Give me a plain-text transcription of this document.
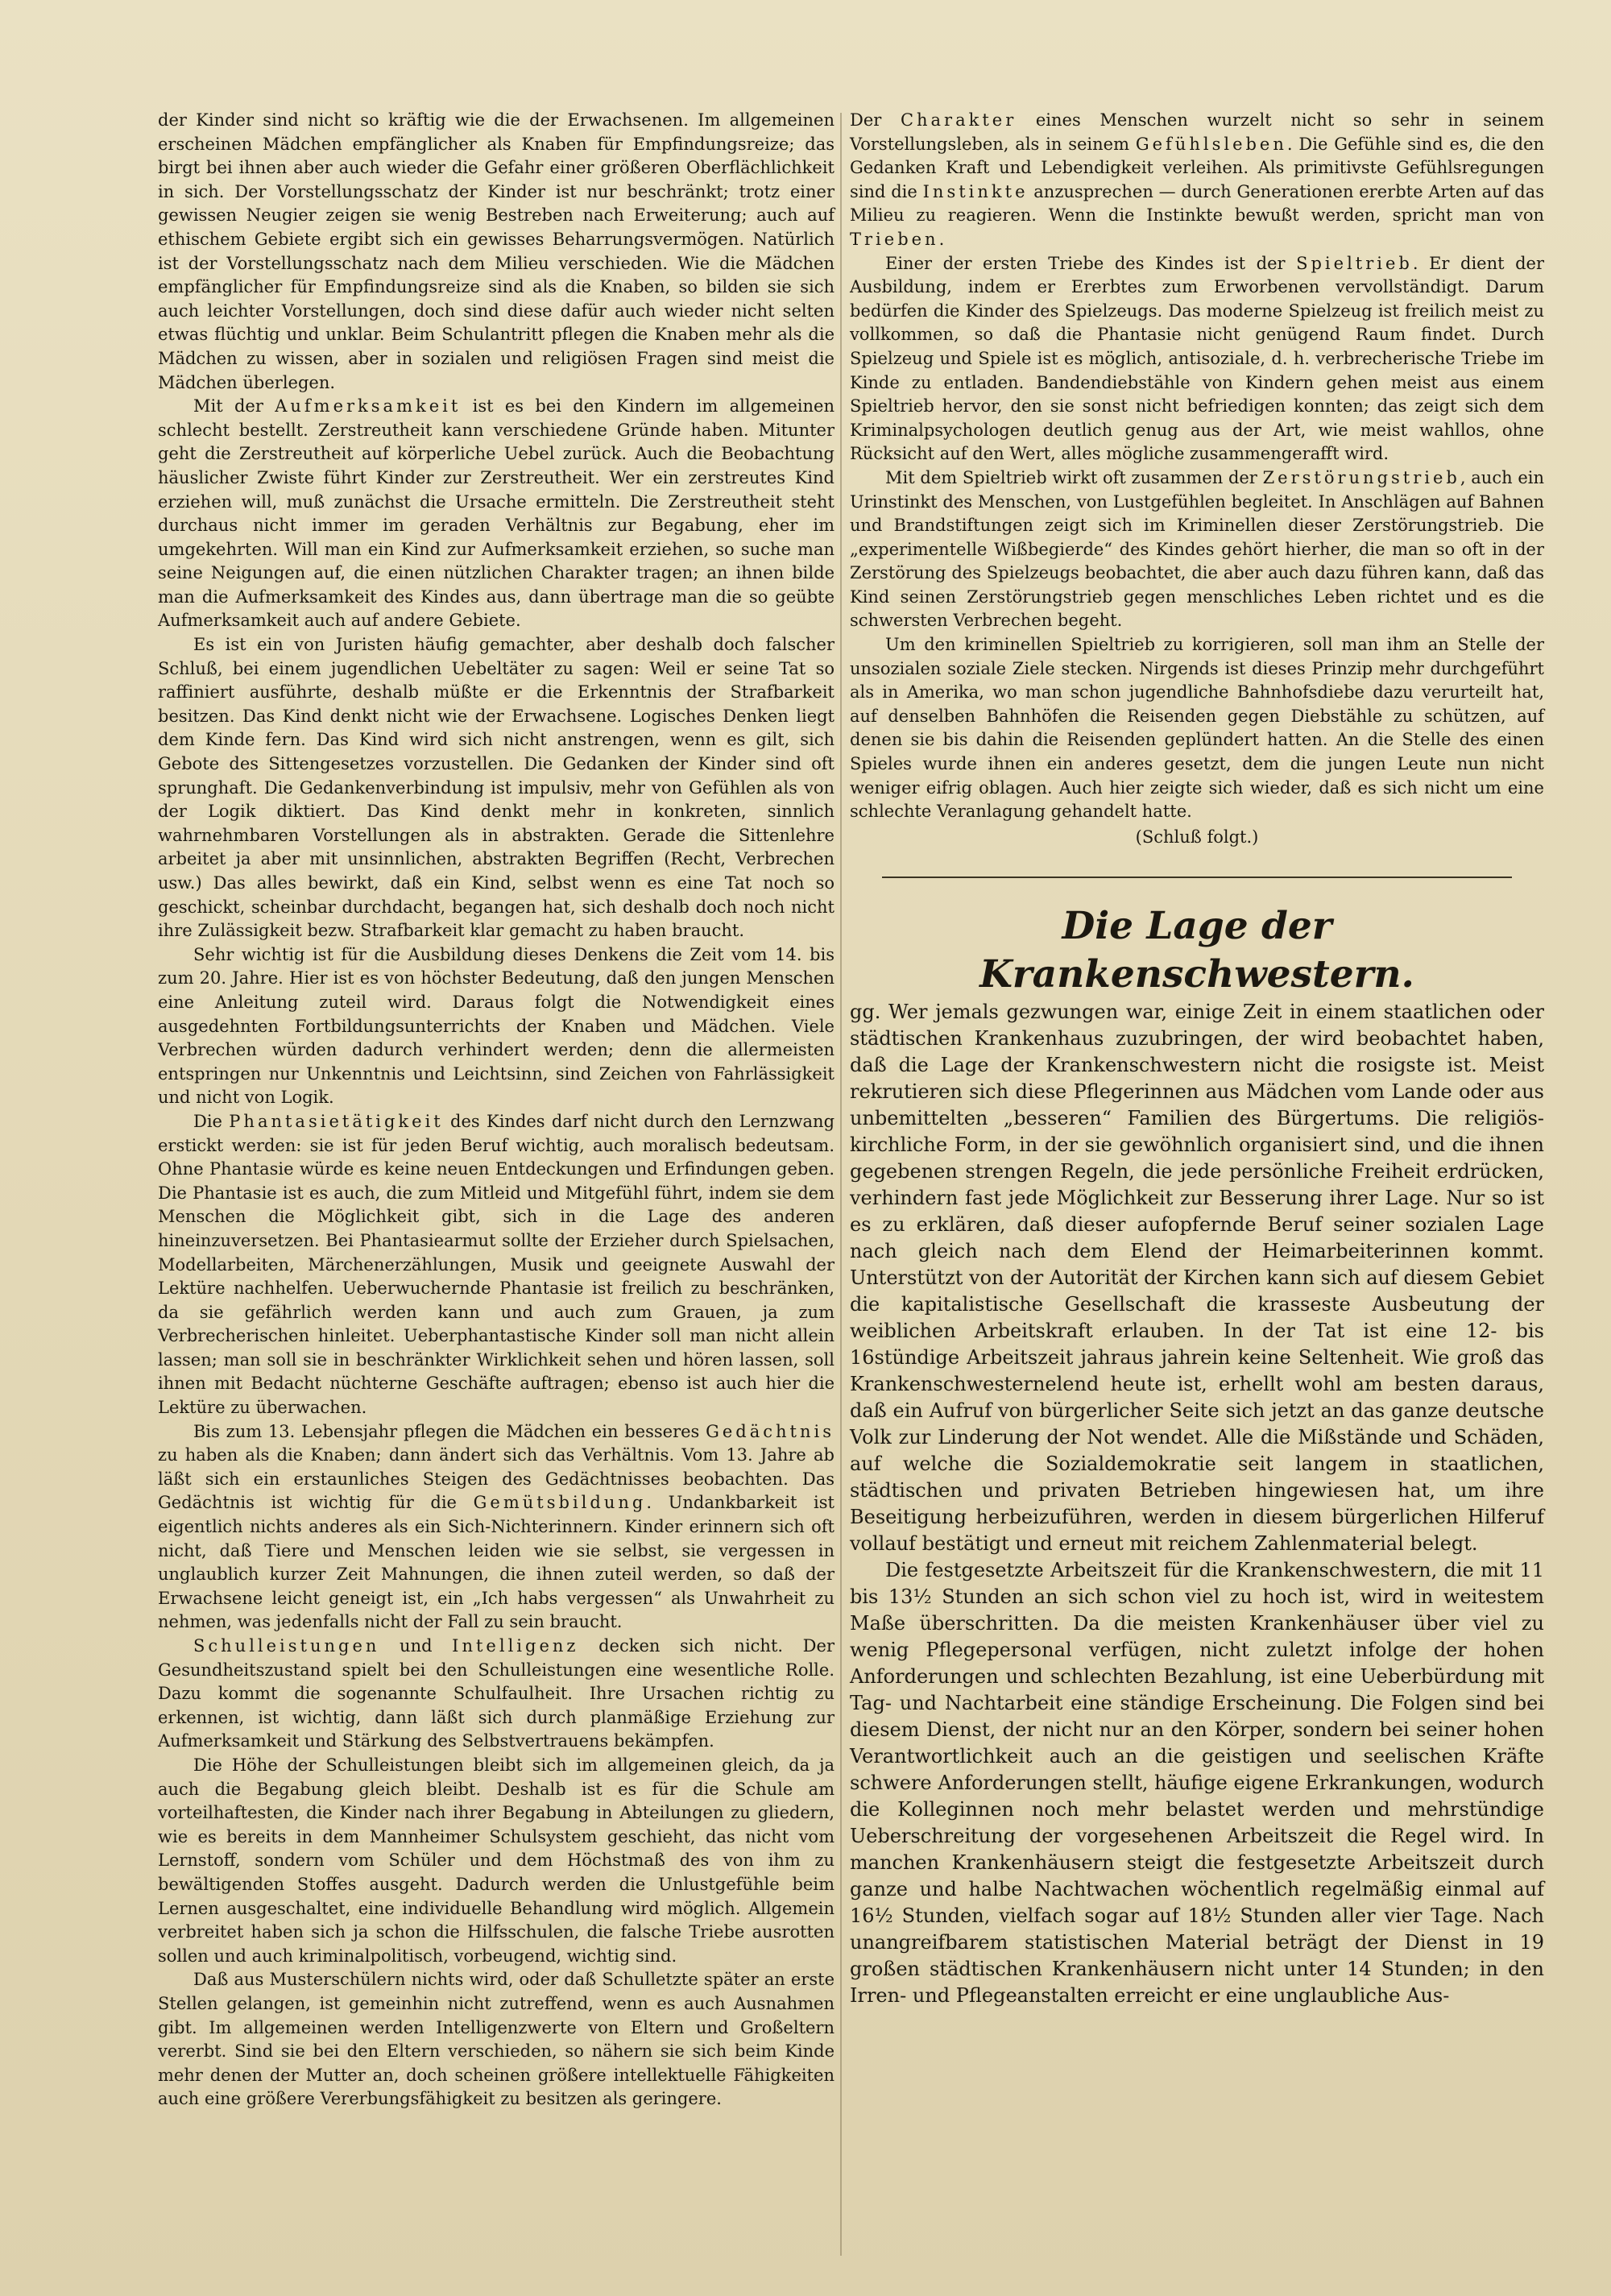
der Kinder sind nicht so kräftig wie die der Erwachsenen. Im allgemeinen erscheinen Mädchen empfänglicher als Knaben für Empfindungsreize; das birgt bei ihnen aber auch wieder die Gefahr einer größeren Oberflächlichkeit in sich. Der Vorstellungsschatz der Kinder ist nur beschränkt; trotz einer gewissen Neugier zeigen sie wenig Bestreben nach Erweiterung; auch auf ethischem Gebiete ergibt sich ein gewisses Beharrungsvermögen. Natürlich ist der Vorstellungsschatz nach dem Milieu verschieden. Wie die Mädchen empfänglicher für Empfindungsreize sind als die Knaben, so bilden sie sich auch leichter Vorstellungen, doch sind diese dafür auch wieder nicht selten etwas flüchtig und unklar. Beim Schulantritt pflegen die Knaben mehr als die Mädchen zu wissen, aber in sozialen und religiösen Fragen sind meist die Mädchen überlegen.

Mit der Aufmerksamkeit ist es bei den Kindern im allgemeinen schlecht bestellt. Zerstreutheit kann verschiedene Gründe haben. Mitunter geht die Zerstreutheit auf körperliche Uebel zurück. Auch die Beobachtung häuslicher Zwiste führt Kinder zur Zerstreutheit. Wer ein zerstreutes Kind erziehen will, muß zunächst die Ursache ermitteln. Die Zerstreutheit steht durchaus nicht immer im geraden Verhältnis zur Begabung, eher im umgekehrten. Will man ein Kind zur Aufmerksamkeit erziehen, so suche man seine Neigungen auf, die einen nützlichen Charakter tragen; an ihnen bilde man die Aufmerksamkeit des Kindes aus, dann übertrage man die so geübte Aufmerksamkeit auch auf andere Gebiete.

Es ist ein von Juristen häufig gemachter, aber deshalb doch falscher Schluß, bei einem jugendlichen Uebeltäter zu sagen: Weil er seine Tat so raffiniert ausführte, deshalb müßte er die Erkenntnis der Strafbarkeit besitzen. Das Kind denkt nicht wie der Erwachsene. Logisches Denken liegt dem Kinde fern. Das Kind wird sich nicht anstrengen, wenn es gilt, sich Gebote des Sittengesetzes vorzustellen. Die Gedanken der Kinder sind oft sprunghaft. Die Gedankenverbindung ist impulsiv, mehr von Gefühlen als von der Logik diktiert. Das Kind denkt mehr in konkreten, sinnlich wahrnehmbaren Vorstellungen als in abstrakten. Gerade die Sittenlehre arbeitet ja aber mit unsinnlichen, abstrakten Begriffen (Recht, Verbrechen usw.) Das alles bewirkt, daß ein Kind, selbst wenn es eine Tat noch so geschickt, scheinbar durchdacht, begangen hat, sich deshalb doch noch nicht ihre Zulässigkeit bezw. Strafbarkeit klar gemacht zu haben braucht.

Sehr wichtig ist für die Ausbildung dieses Denkens die Zeit vom 14. bis zum 20. Jahre. Hier ist es von höchster Bedeutung, daß den jungen Menschen eine Anleitung zuteil wird. Daraus folgt die Notwendigkeit eines ausgedehnten Fortbildungsunterrichts der Knaben und Mädchen. Viele Verbrechen würden dadurch verhindert werden; denn die allermeisten entspringen nur Unkenntnis und Leichtsinn, sind Zeichen von Fahrlässigkeit und nicht von Logik.

Die Phantasietätigkeit des Kindes darf nicht durch den Lernzwang erstickt werden: sie ist für jeden Beruf wichtig, auch moralisch bedeutsam. Ohne Phantasie würde es keine neuen Entdeckungen und Erfindungen geben. Die Phantasie ist es auch, die zum Mitleid und Mitgefühl führt, indem sie dem Menschen die Möglichkeit gibt, sich in die Lage des anderen hineinzuversetzen. Bei Phantasiearmut sollte der Erzieher durch Spielsachen, Modellarbeiten, Märchenerzählungen, Musik und geeignete Auswahl der Lektüre nachhelfen. Ueberwuchernde Phantasie ist freilich zu beschränken, da sie gefährlich werden kann und auch zum Grauen, ja zum Verbrecherischen hinleitet. Ueberphantastische Kinder soll man nicht allein lassen; man soll sie in beschränkter Wirklichkeit sehen und hören lassen, soll ihnen mit Bedacht nüchterne Geschäfte auftragen; ebenso ist auch hier die Lektüre zu überwachen.

Bis zum 13. Lebensjahr pflegen die Mädchen ein besseres Gedächtnis zu haben als die Knaben; dann ändert sich das Verhältnis. Vom 13. Jahre ab läßt sich ein erstaunliches Steigen des Gedächtnisses beobachten. Das Gedächtnis ist wichtig für die Gemütsbildung. Undankbarkeit ist eigentlich nichts anderes als ein Sich-Nichterinnern. Kinder erinnern sich oft nicht, daß Tiere und Menschen leiden wie sie selbst, sie vergessen in unglaublich kurzer Zeit Mahnungen, die ihnen zuteil werden, so daß der Erwachsene leicht geneigt ist, ein „Ich habs vergessen“ als Unwahrheit zu nehmen, was jedenfalls nicht der Fall zu sein braucht.

Schulleistungen und Intelligenz decken sich nicht. Der Gesundheitszustand spielt bei den Schulleistungen eine wesentliche Rolle. Dazu kommt die sogenannte Schulfaulheit. Ihre Ursachen richtig zu erkennen, ist wichtig, dann läßt sich durch planmäßige Erziehung zur Aufmerksamkeit und Stärkung des Selbstvertrauens bekämpfen.

Die Höhe der Schulleistungen bleibt sich im allgemeinen gleich, da ja auch die Begabung gleich bleibt. Deshalb ist es für die Schule am vorteilhaftesten, die Kinder nach ihrer Begabung in Abteilungen zu gliedern, wie es bereits in dem Mannheimer Schulsystem geschieht, das nicht vom Lernstoff, sondern vom Schüler und dem Höchstmaß des von ihm zu bewältigenden Stoffes ausgeht. Dadurch werden die Unlustgefühle beim Lernen ausgeschaltet, eine individuelle Behandlung wird möglich. Allgemein verbreitet haben sich ja schon die Hilfsschulen, die falsche Triebe ausrotten sollen und auch kriminalpolitisch, vorbeugend, wichtig sind.

Daß aus Musterschülern nichts wird, oder daß Schulletzte später an erste Stellen gelangen, ist gemeinhin nicht zutreffend, wenn es auch Ausnahmen gibt. Im allgemeinen werden Intelligenzwerte von Eltern und Großeltern vererbt. Sind sie bei den Eltern verschieden, so nähern sie sich beim Kinde mehr denen der Mutter an, doch scheinen größere intellektuelle Fähigkeiten auch eine größere Vererbungsfähigkeit zu besitzen als geringere.

Der Charakter eines Menschen wurzelt nicht so sehr in seinem Vorstellungsleben, als in seinem Gefühlsleben. Die Gefühle sind es, die den Gedanken Kraft und Lebendigkeit verleihen. Als primitivste Gefühlsregungen sind die Instinkte anzusprechen — durch Generationen ererbte Arten auf das Milieu zu reagieren. Wenn die Instinkte bewußt werden, spricht man von Trieben.

Einer der ersten Triebe des Kindes ist der Spieltrieb. Er dient der Ausbildung, indem er Ererbtes zum Erworbenen vervollständigt. Darum bedürfen die Kinder des Spielzeugs. Das moderne Spielzeug ist freilich meist zu vollkommen, so daß die Phantasie nicht genügend Raum findet. Durch Spielzeug und Spiele ist es möglich, antisoziale, d. h. verbrecherische Triebe im Kinde zu entladen. Bandendiebstähle von Kindern gehen meist aus einem Spieltrieb hervor, den sie sonst nicht befriedigen konnten; das zeigt sich dem Kriminalpsychologen deutlich genug aus der Art, wie meist wahllos, ohne Rücksicht auf den Wert, alles mögliche zusammengerafft wird.

Mit dem Spieltrieb wirkt oft zusammen der Zerstörungstrieb, auch ein Urinstinkt des Menschen, von Lustgefühlen begleitet. In Anschlägen auf Bahnen und Brandstiftungen zeigt sich im Kriminellen dieser Zerstörungstrieb. Die „experimentelle Wißbegierde“ des Kindes gehört hierher, die man so oft in der Zerstörung des Spielzeugs beobachtet, die aber auch dazu führen kann, daß das Kind seinen Zerstörungstrieb gegen menschliches Leben richtet und es die schwersten Verbrechen begeht.

Um den kriminellen Spieltrieb zu korrigieren, soll man ihm an Stelle der unsozialen soziale Ziele stecken. Nirgends ist dieses Prinzip mehr durchgeführt als in Amerika, wo man schon jugendliche Bahnhofsdiebe dazu verurteilt hat, auf denselben Bahnhöfen die Reisenden gegen Diebstähle zu schützen, auf denen sie bis dahin die Reisenden geplündert hatten. An die Stelle des einen Spieles wurde ihnen ein anderes gesetzt, dem die jungen Leute nun nicht weniger eifrig oblagen. Auch hier zeigte sich wieder, daß es sich nicht um eine schlechte Veranlagung gehandelt hatte.

(Schluß folgt.)

Die Lage der Krankenschwestern.

gg. Wer jemals gezwungen war, einige Zeit in einem staatlichen oder städtischen Krankenhaus zuzubringen, der wird beobachtet haben, daß die Lage der Krankenschwestern nicht die rosigste ist. Meist rekrutieren sich diese Pflegerinnen aus Mädchen vom Lande oder aus unbemittelten „besseren“ Familien des Bürgertums. Die religiös-kirchliche Form, in der sie gewöhnlich organisiert sind, und die ihnen gegebenen strengen Regeln, die jede persönliche Freiheit erdrücken, verhindern fast jede Möglichkeit zur Besserung ihrer Lage. Nur so ist es zu erklären, daß dieser aufopfernde Beruf seiner sozialen Lage nach gleich nach dem Elend der Heimarbeiterinnen kommt. Unterstützt von der Autorität der Kirchen kann sich auf diesem Gebiet die kapitalistische Gesellschaft die krasseste Ausbeutung der weiblichen Arbeitskraft erlauben. In der Tat ist eine 12- bis 16stündige Arbeitszeit jahraus jahrein keine Seltenheit. Wie groß das Krankenschwesternelend heute ist, erhellt wohl am besten daraus, daß ein Aufruf von bürgerlicher Seite sich jetzt an das ganze deutsche Volk zur Linderung der Not wendet. Alle die Mißstände und Schäden, auf welche die Sozialdemokratie seit langem in staatlichen, städtischen und privaten Betrieben hingewiesen hat, um ihre Beseitigung herbeizuführen, werden in diesem bürgerlichen Hilferuf vollauf bestätigt und erneut mit reichem Zahlenmaterial belegt.

Die festgesetzte Arbeitszeit für die Krankenschwestern, die mit 11 bis 13½ Stunden an sich schon viel zu hoch ist, wird in weitestem Maße überschritten. Da die meisten Krankenhäuser über viel zu wenig Pflegepersonal verfügen, nicht zuletzt infolge der hohen Anforderungen und schlechten Bezahlung, ist eine Ueberbürdung mit Tag- und Nachtarbeit eine ständige Erscheinung. Die Folgen sind bei diesem Dienst, der nicht nur an den Körper, sondern bei seiner hohen Verantwortlichkeit auch an die geistigen und seelischen Kräfte schwere Anforderungen stellt, häufige eigene Erkrankungen, wodurch die Kolleginnen noch mehr belastet werden und mehrstündige Ueberschreitung der vorgesehenen Arbeitszeit die Regel wird. In manchen Krankenhäusern steigt die festgesetzte Arbeitszeit durch ganze und halbe Nachtwachen wöchentlich regelmäßig einmal auf 16½ Stunden, vielfach sogar auf 18½ Stunden aller vier Tage. Nach unangreifbarem statistischen Material beträgt der Dienst in 19 großen städtischen Krankenhäusern nicht unter 14 Stunden; in den Irren- und Pflegeanstalten erreicht er eine unglaubliche Aus-
